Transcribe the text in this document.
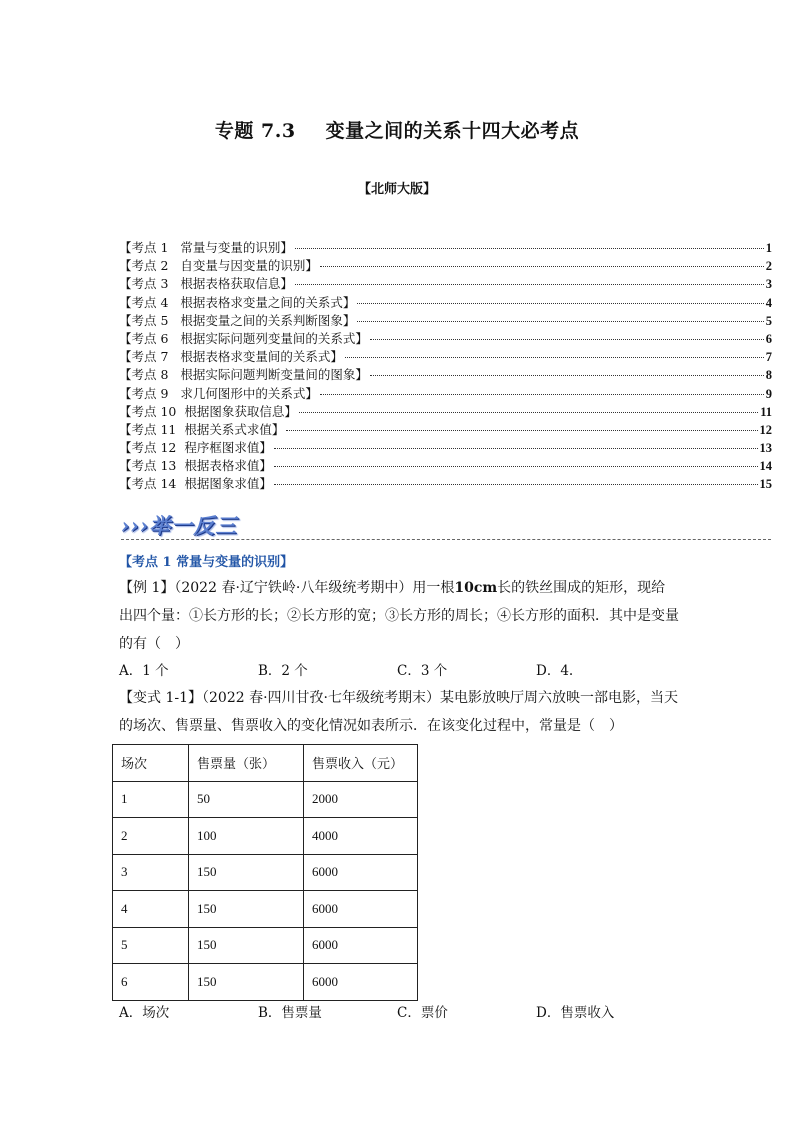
专题 7.3 变量之间的关系十四大必考点
【北师大版】
【考点 1   常量与变量的识别】	1
【考点 2   自变量与因变量的识别】	2
【考点 3   根据表格获取信息】	3
【考点 4   根据表格求变量之间的关系式】	4
【考点 5   根据变量之间的关系判断图象】	5
【考点 6   根据实际问题列变量间的关系式】	6
【考点 7   根据表格求变量间的关系式】	7
【考点 8   根据实际问题判断变量间的图象】	8
【考点 9   求几何图形中的关系式】	9
【考点 10  根据图象获取信息】	11
【考点 11  根据关系式求值】	12
【考点 12  程序框图求值】	13
【考点 13  根据表格求值】	14
【考点 14  根据图象求值】	15
›››举一反三
【考点 1 常量与变量的识别】
【例 1】（2022 春·辽宁铁岭·八年级统考期中）用一根10cm长的铁丝围成的矩形，现给出四个量：①长方形的长；②长方形的宽；③长方形的周长；④长方形的面积．其中是变量的有（　）
A．1 个	B．2 个	C．3 个	D．4.
【变式 1-1】（2022 春·四川甘孜·七年级统考期末）某电影放映厅周六放映一部电影，当天的场次、售票量、售票收入的变化情况如表所示．在该变化过程中，常量是（　）
场次	售票量（张）	售票收入（元）
1	50	2000
2	100	4000
3	150	6000
4	150	6000
5	150	6000
6	150	6000
A．场次	B．售票量	C．票价	D．售票收入
